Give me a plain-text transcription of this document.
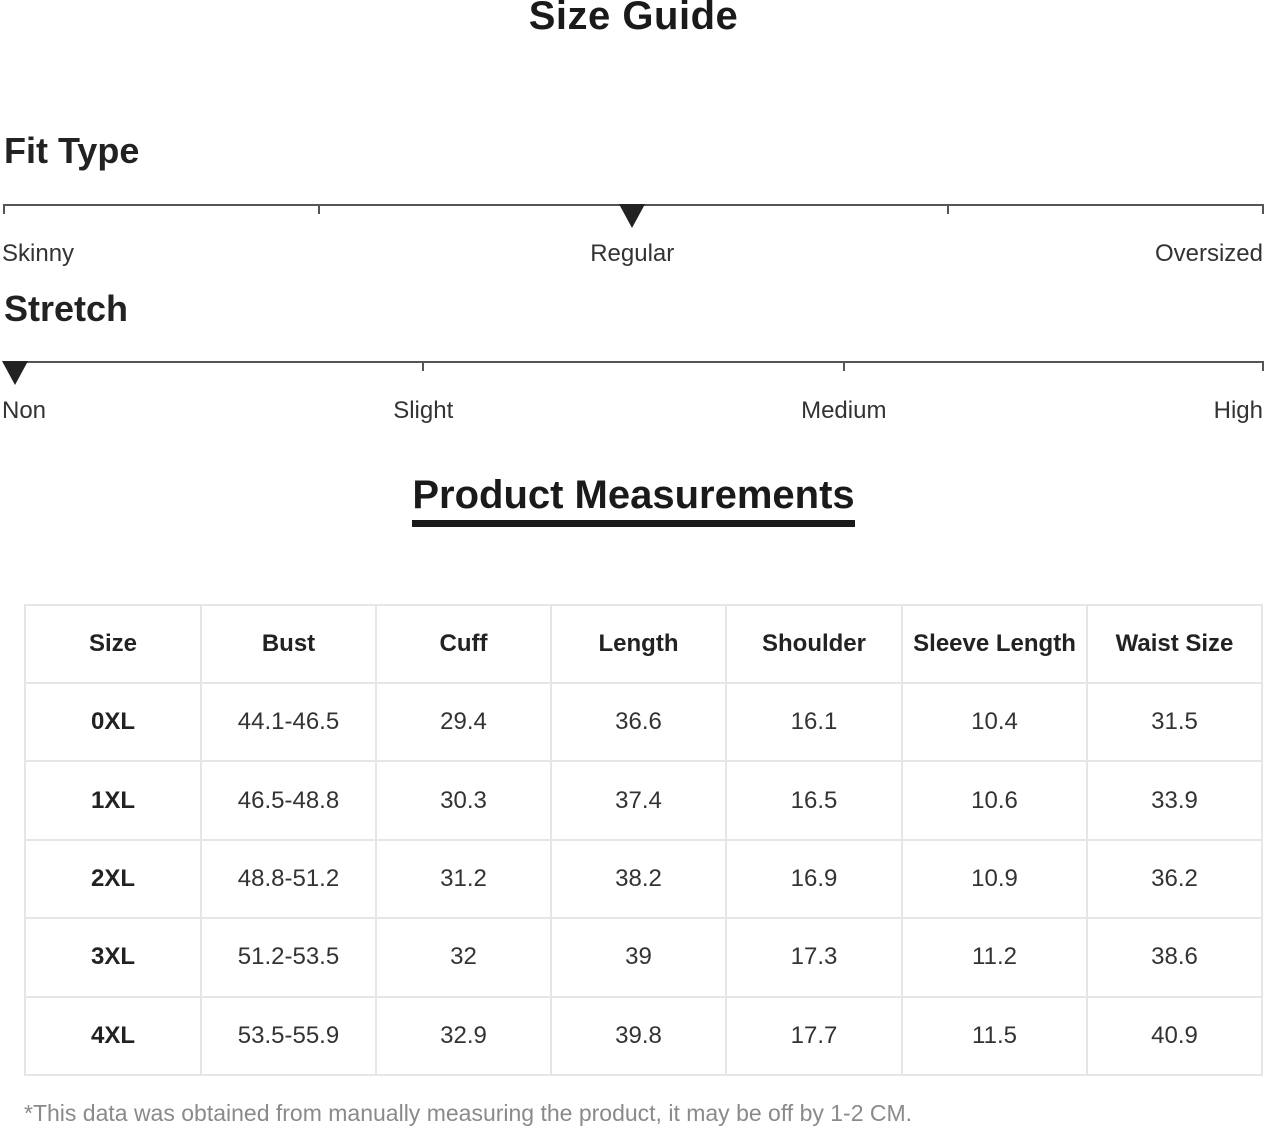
Size Guide
Fit Type
Skinny	Regular	Oversized
Stretch
Non	Slight	Medium	High
Product Measurements
Size	Bust	Cuff	Length	Shoulder	Sleeve Length	Waist Size
0XL	44.1-46.5	29.4	36.6	16.1	10.4	31.5
1XL	46.5-48.8	30.3	37.4	16.5	10.6	33.9
2XL	48.8-51.2	31.2	38.2	16.9	10.9	36.2
3XL	51.2-53.5	32	39	17.3	11.2	38.6
4XL	53.5-55.9	32.9	39.8	17.7	11.5	40.9
*This data was obtained from manually measuring the product, it may be off by 1-2 CM.
